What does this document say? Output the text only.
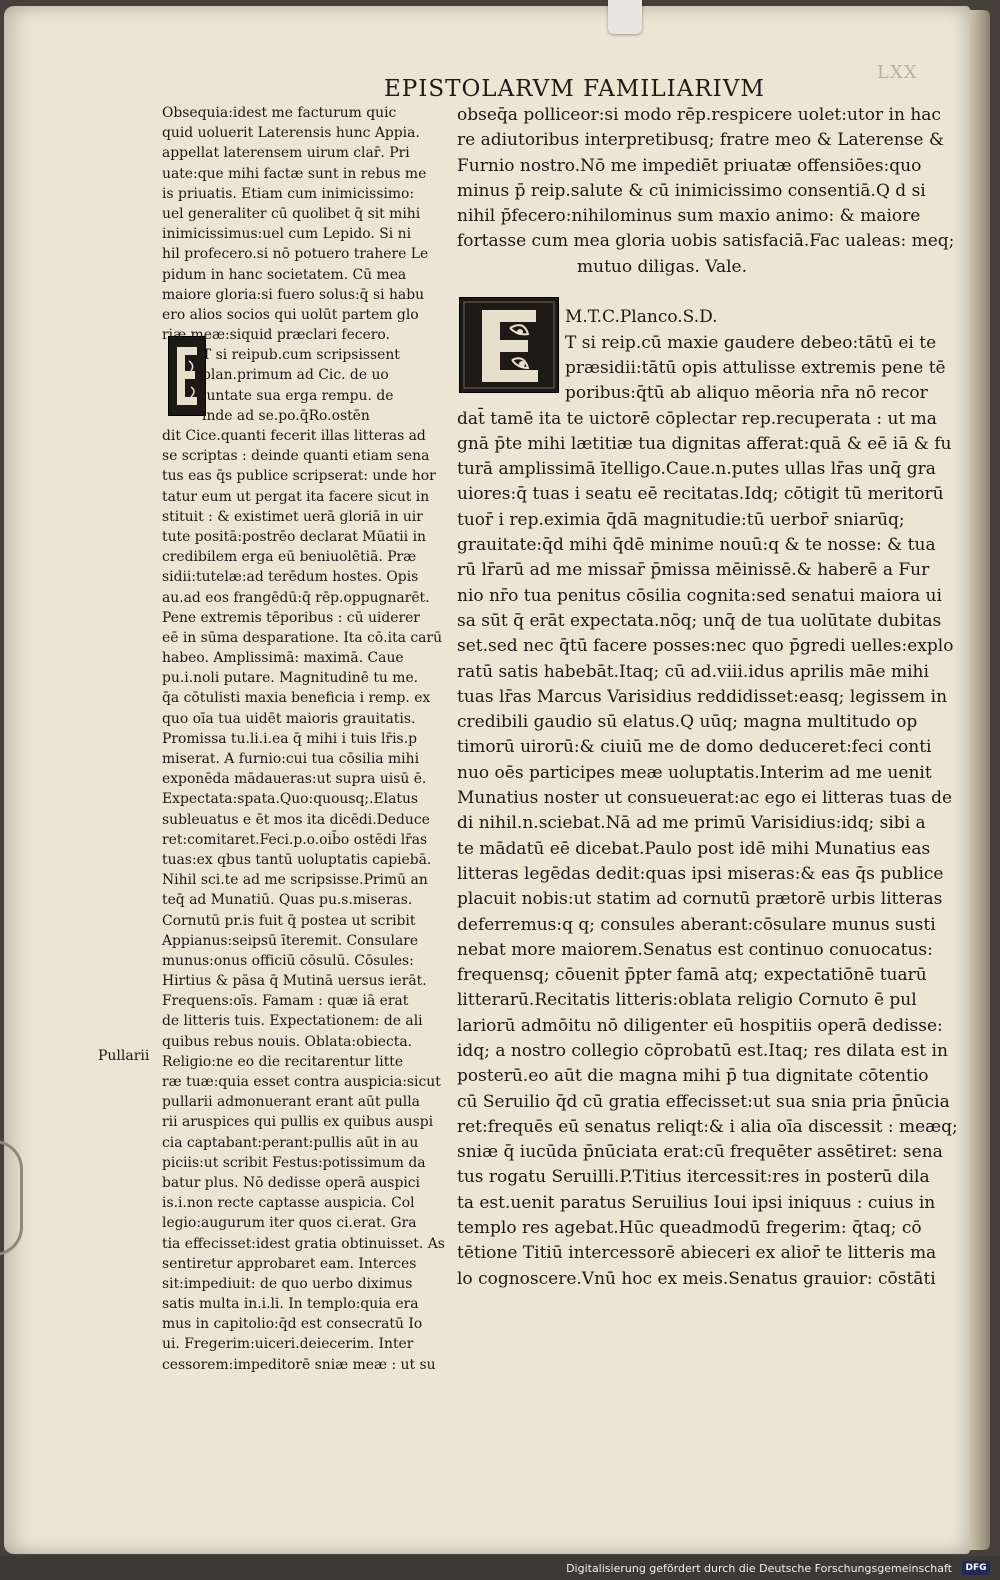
LXX
EPISTOLARVM FAMILIARIVM
Pullarii
Obsequia:idest me facturum quic
quid uoluerit Laterensis hunc Appia.
appellat laterensem uirum clar̄. Pri
uate:que mihi factæ sunt in rebus me
is priuatis. Etiam cum inimicissimo:
uel generaliter cū quolibet q̄ sit mihi
inimicissimus:uel cum Lepido. Si ni
hil profecero.si nō potuero trahere Le
pidum in hanc societatem. Cū mea
maiore gloria:si fuero solus:q̄ si habu
ero alios socios qui uolūt partem glo
riæ meæ:siquid præclari fecero.
T si reipub.cum scripsissent
plan.primum ad Cic. de uo
luntate sua erga rempu. de
inde ad se.po.q̄Ro.ostēn
dit Cice.quanti fecerit illas litteras ad
se scriptas : deinde quanti etiam sena
tus eas q̄s publice scripserat: unde hor
tatur eum ut pergat ita facere sicut in
stituit : & existimet uerā gloriā in uir
tute positā:postrēo declarat Mūatii in
credibilem erga eū beniuolētiā. Præ
sidii:tutelæ:ad terēdum hostes. Opis
au.ad eos frangēdū:q̄ rēp.oppugnarēt.
Pene extremis tēporibus : cū uiderer
eē in sūma desparatione. Ita cō.ita carū
habeo. Amplissimā: maximā. Caue
pu.i.noli putare. Magnitudinē tu me.
q̄a cōtulisti maxia beneficia i remp. ex
quo oīa tua uidēt maioris grauitatis.
Promissa tu.li.i.ea q̄ mihi i tuis lr̄is.p
miserat. A furnio:cui tua cōsilia mihi
exponēda mādaueras:ut supra uisū ē.
Expectata:spata.Quo:quousq;.Elatus
subleuatus e ēt mos ita dicēdi.Deduce
ret:comitaret.Feci.p.o.oib̄o ostēdi lr̄as
tuas:ex qbus tantū uoluptatis capiebā.
Nihil sci.te ad me scripsisse.Primū an
teq̄ ad Munatiū. Quas pu.s.miseras.
Cornutū pr.is fuit q̄ postea ut scribit
Appianus:seipsū īteremit. Consulare
munus:onus officiū cōsulū. Cōsules:
Hirtius & pāsa q̄ Mutinā uersus ierāt.
Frequens:oīs. Famam : quæ iā erat
de litteris tuis. Expectationem: de ali
quibus rebus nouis. Oblata:obiecta.
Religio:ne eo die recitarentur litte
ræ tuæ:quia esset contra auspicia:sicut
pullarii admonuerant erant aūt pulla
rii aruspices qui pullis ex quibus auspi
cia captabant:perant:pullis aūt in au
piciis:ut scribit Festus:potissimum da
batur plus. Nō dedisse operā auspici
is.i.non recte captasse auspicia. Col
legio:augurum iter quos ci.erat. Gra
tia effecisset:idest gratia obtinuisset. As
sentiretur approbaret eam. Interces
sit:impediuit: de quo uerbo diximus
satis multa in.i.li. In templo:quia era
mus in capitolio:q̄d est consecratū Io
ui. Fregerim:uiceri.deiecerim. Inter
cessorem:impeditorē sniæ meæ : ut su
obseq̄a polliceor:si modo rēp.respicere uolet:utor in hac
re adiutoribus interpretibusq; fratre meo & Laterense &
Furnio nostro.Nō me impediēt priuatæ offensiōes:quo
minus p̄ reip.salute & cū inimicissimo consentiā.Q d si
nihil p̄fecero:nihilominus sum maxio animo: & maiore
fortasse cum mea gloria uobis satisfaciā.Fac ualeas: meq;
mutuo diligas. Vale.
M.T.C.Planco.S.D.
T si reip.cū maxie gaudere debeo:tātū ei te
præsidii:tātū opis attulisse extremis pene tē
poribus:q̄tū ab aliquo mēoria nr̄a nō recor
dat̄ tamē ita te uictorē cōplectar rep.recuperata : ut ma
gnā p̄te mihi lætitiæ tua dignitas afferat:quā & eē iā & fu
turā amplissimā ītelligo.Caue.n.putes ullas lr̄as unq̄ gra
uiores:q̄ tuas i seatu eē recitatas.Idq; cōtigit tū meritorū
tuor̄ i rep.eximia q̄dā magnitudie:tū uerbor̄ sniarūq;
grauitate:q̄d mihi q̄dē minime nouū:q & te nosse: & tua
rū lr̄arū ad me missar̄ p̄missa mēinissē.& haberē a Fur
nio nr̄o tua penitus cōsilia cognita:sed senatui maiora ui
sa sūt q̄ erāt expectata.nōq; unq̄ de tua uolūtate dubitas
set.sed nec q̄tū facere posses:nec quo p̄gredi uelles:explo
ratū satis habebāt.Itaq; cū ad.viii.idus aprilis māe mihi
tuas lr̄as Marcus Varisidius reddidisset:easq; legissem in
credibili gaudio sū elatus.Q uūq; magna multitudo op
timorū uirorū:& ciuiū me de domo deduceret:feci conti
nuo oēs participes meæ uoluptatis.Interim ad me uenit
Munatius noster ut consueuerat:ac ego ei litteras tuas de
di nihil.n.sciebat.Nā ad me primū Varisidius:idq; sibi a
te mādatū eē dicebat.Paulo post idē mihi Munatius eas
litteras legēdas dedit:quas ipsi miseras:& eas q̄s publice
placuit nobis:ut statim ad cornutū prætorē urbis litteras
deferremus:q q; consules aberant:cōsulare munus susti
nebat more maiorem.Senatus est continuo conuocatus:
frequensq; cōuenit p̄pter famā atq; expectatiōnē tuarū
litterarū.Recitatis litteris:oblata religio Cornuto ē pul
lariorū admōitu nō diligenter eū hospitiis operā dedisse:
idq; a nostro collegio cōprobatū est.Itaq; res dilata est in
posterū.eo aūt die magna mihi p̄ tua dignitate cōtentio
cū Seruilio q̄d cū gratia effecisset:ut sua snia pria p̄nūcia
ret:frequēs eū senatus reliqt:& i alia oīa discessit : meæq;
sniæ q̄ iucūda p̄nūciata erat:cū frequēter assētiret: sena
tus rogatu Seruilli.P.Titius itercessit:res in posterū dila
ta est.uenit paratus Seruilius Ioui ipsi iniquus : cuius in
templo res agebat.Hūc queadmodū fregerim: q̄taq; cō
tētione Titiū intercessorē abieceri ex alior̄ te litteris ma
lo cognoscere.Vnū hoc ex meis.Senatus grauior: cōstāti
Digitalisierung gefördert durch die Deutsche Forschungsgemeinschaft	DFG
